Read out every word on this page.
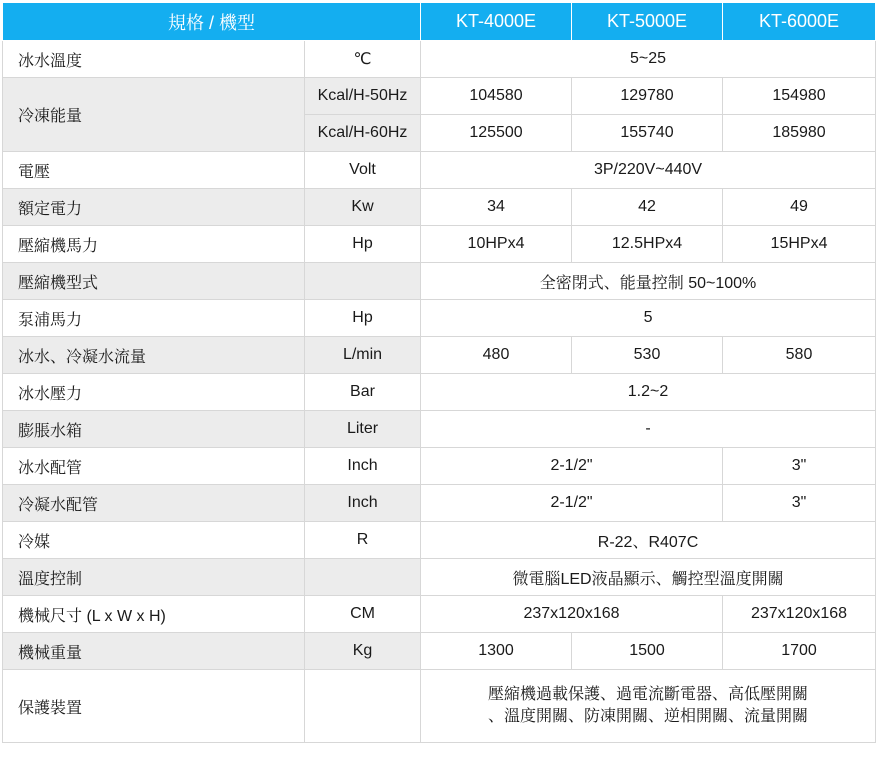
規格 / 機型		KT-4000E	KT-5000E	KT-6000E
冰水溫度	℃	5~25		
冷凍能量	Kcal/H-50Hz	104580	129780	154980
	Kcal/H-60Hz	125500	155740	185980
電壓	Volt	3P/220V~440V		
額定電力	Kw	34	42	49
壓縮機馬力	Hp	10HPx4	12.5HPx4	15HPx4
壓縮機型式		全密閉式、能量控制 50~100%		
泵浦馬力	Hp	5		
冰水、冷凝水流量	L/min	480	530	580
冰水壓力	Bar	1.2~2		
膨脹水箱	Liter	-		
冰水配管	Inch	2-1/2"		3"
冷凝水配管	Inch	2-1/2"		3"
冷媒	R	R-22、R407C		
溫度控制		微電腦LED液晶顯示、觸控型溫度開關		
機械尺寸 (L x W x H)	CM	237x120x168		237x120x168
機械重量	Kg	1300	1500	1700
保護裝置		壓縮機過載保護、過電流斷電器、高低壓開關
、溫度開關、防凍開關、逆相開關、流量開關		
